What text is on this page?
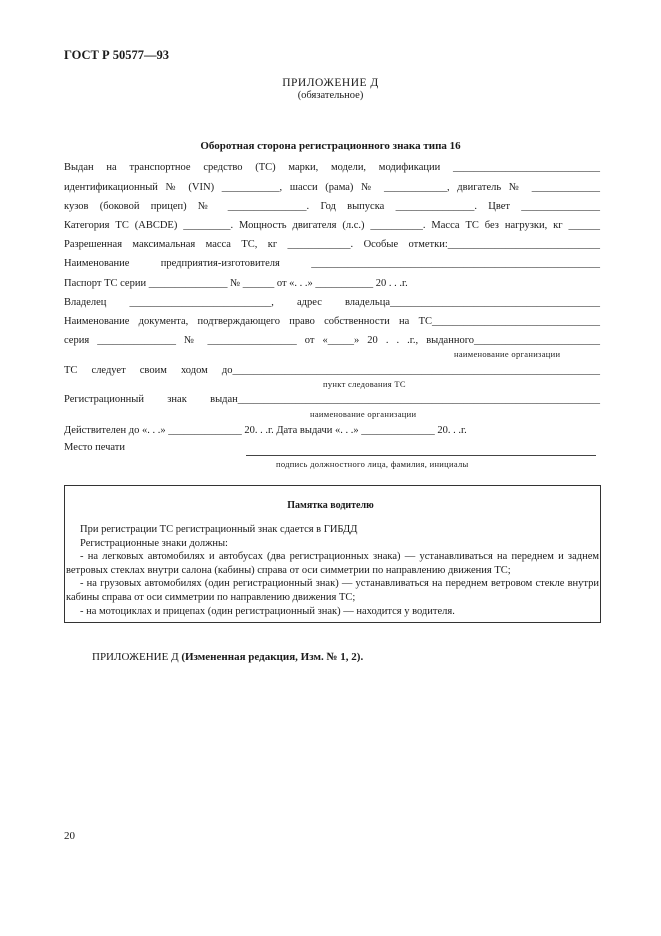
ГОСТ Р 50577—93
ПРИЛОЖЕНИЕ Д
(обязательное)
Оборотная сторона регистрационного знака типа 16
Выдан на транспортное средство (ТС) марки, модели, модификации ____________________________
идентификационный № (VIN) ___________, шасси (рама) № ____________, двигатель № _____________
кузов (боковой прицеп) № _______________. Год выпуска _______________. Цвет _______________
Категория ТС (ABCDE) _________. Мощность двигателя (л.с.) __________. Масса ТС без нагрузки, кг ______
Разрешенная максимальная масса ТС, кг ____________. Особые отметки:_____________________________
Наименование предприятия-изготовителя _______________________________________________________
Паспорт ТС серии _______________ № ______ от «. . .» ___________ 20 . . .г.
Владелец ___________________________, адрес владельца________________________________________
Наименование документа, подтверждающего право собственности на ТС________________________________
серия _______________ № _________________ от «_____» 20 . . .г., выданного________________________
наименование организации
ТС следует своим ходом до______________________________________________________________________
пункт следования ТС
Регистрационный знак выдан_____________________________________________________________________
наименование организации
Действителен до «. . .» ______________ 20. . .г. Дата выдачи «. . .» ______________ 20. . .г.
Место печати
подпись должностного лица, фамилия, инициалы
Памятка водителю

При регистрации ТС регистрационный знак сдается в ГИБДД

Регистрационные знаки должны:

- на легковых автомобилях и автобусах (два регистрационных знака) — устанавливаться на переднем и заднем ветровых стеклах внутри салона (кабины) справа от оси симметрии по направлению движения ТС;

- на грузовых автомобилях (один регистрационный знак) — устанавливаться на переднем ветровом стекле внутри кабины справа от оси симметрии по направлению движения ТС;

- на мотоциклах и прицепах (один регистрационный знак) — находится у водителя.

ПРИЛОЖЕНИЕ Д (Измененная редакция, Изм. № 1, 2).
20
